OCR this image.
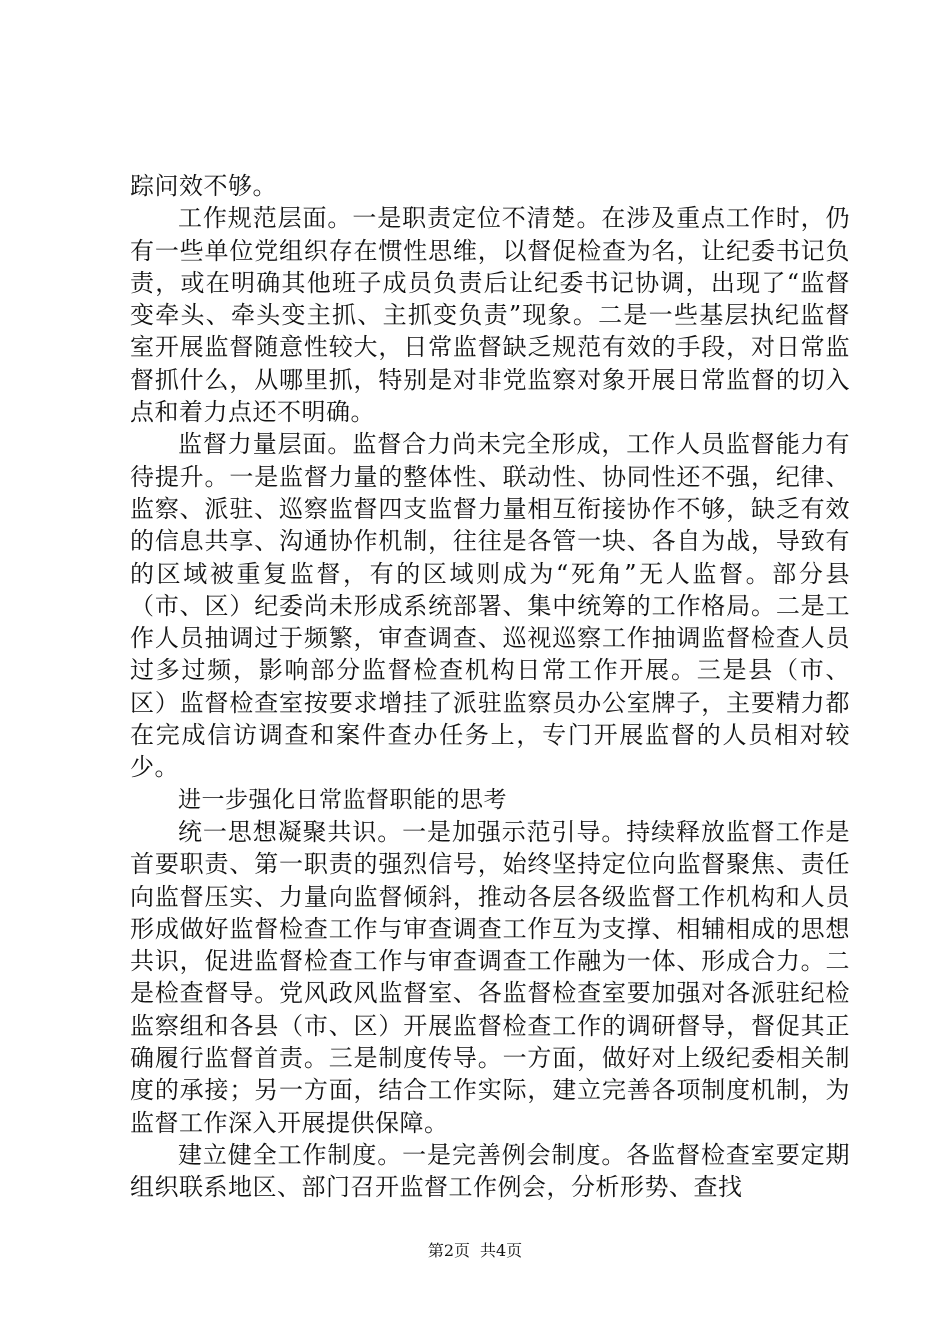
踪问效不够。

工作规范层面。一是职责定位不清楚。在涉及重点工作时，仍有一些单位党组织存在惯性思维，以督促检查为名，让纪委书记负责，或在明确其他班子成员负责后让纪委书记协调，出现了“监督变牵头、牵头变主抓、主抓变负责”现象。二是一些基层执纪监督室开展监督随意性较大，日常监督缺乏规范有效的手段，对日常监督抓什么，从哪里抓，特别是对非党监察对象开展日常监督的切入点和着力点还不明确。

监督力量层面。监督合力尚未完全形成，工作人员监督能力有待提升。一是监督力量的整体性、联动性、协同性还不强，纪律、监察、派驻、巡察监督四支监督力量相互衔接协作不够，缺乏有效的信息共享、沟通协作机制，往往是各管一块、各自为战，导致有的区域被重复监督，有的区域则成为“死角”无人监督。部分县（市、区）纪委尚未形成系统部署、集中统筹的工作格局。二是工作人员抽调过于频繁，审查调查、巡视巡察工作抽调监督检查人员过多过频，影响部分监督检查机构日常工作开展。三是县（市、区）监督检查室按要求增挂了派驻监察员办公室牌子，主要精力都在完成信访调查和案件查办任务上，专门开展监督的人员相对较少。

进一步强化日常监督职能的思考

统一思想凝聚共识。一是加强示范引导。持续释放监督工作是首要职责、第一职责的强烈信号，始终坚持定位向监督聚焦、责任向监督压实、力量向监督倾斜，推动各层各级监督工作机构和人员形成做好监督检查工作与审查调查工作互为支撑、相辅相成的思想共识，促进监督检查工作与审查调查工作融为一体、形成合力。二是检查督导。党风政风监督室、各监督检查室要加强对各派驻纪检监察组和各县（市、区）开展监督检查工作的调研督导，督促其正确履行监督首责。三是制度传导。一方面，做好对上级纪委相关制度的承接；另一方面，结合工作实际，建立完善各项制度机制，为监督工作深入开展提供保障。

建立健全工作制度。一是完善例会制度。各监督检查室要定期组织联系地区、部门召开监督工作例会，分析形势、查找

第2页 共4页
